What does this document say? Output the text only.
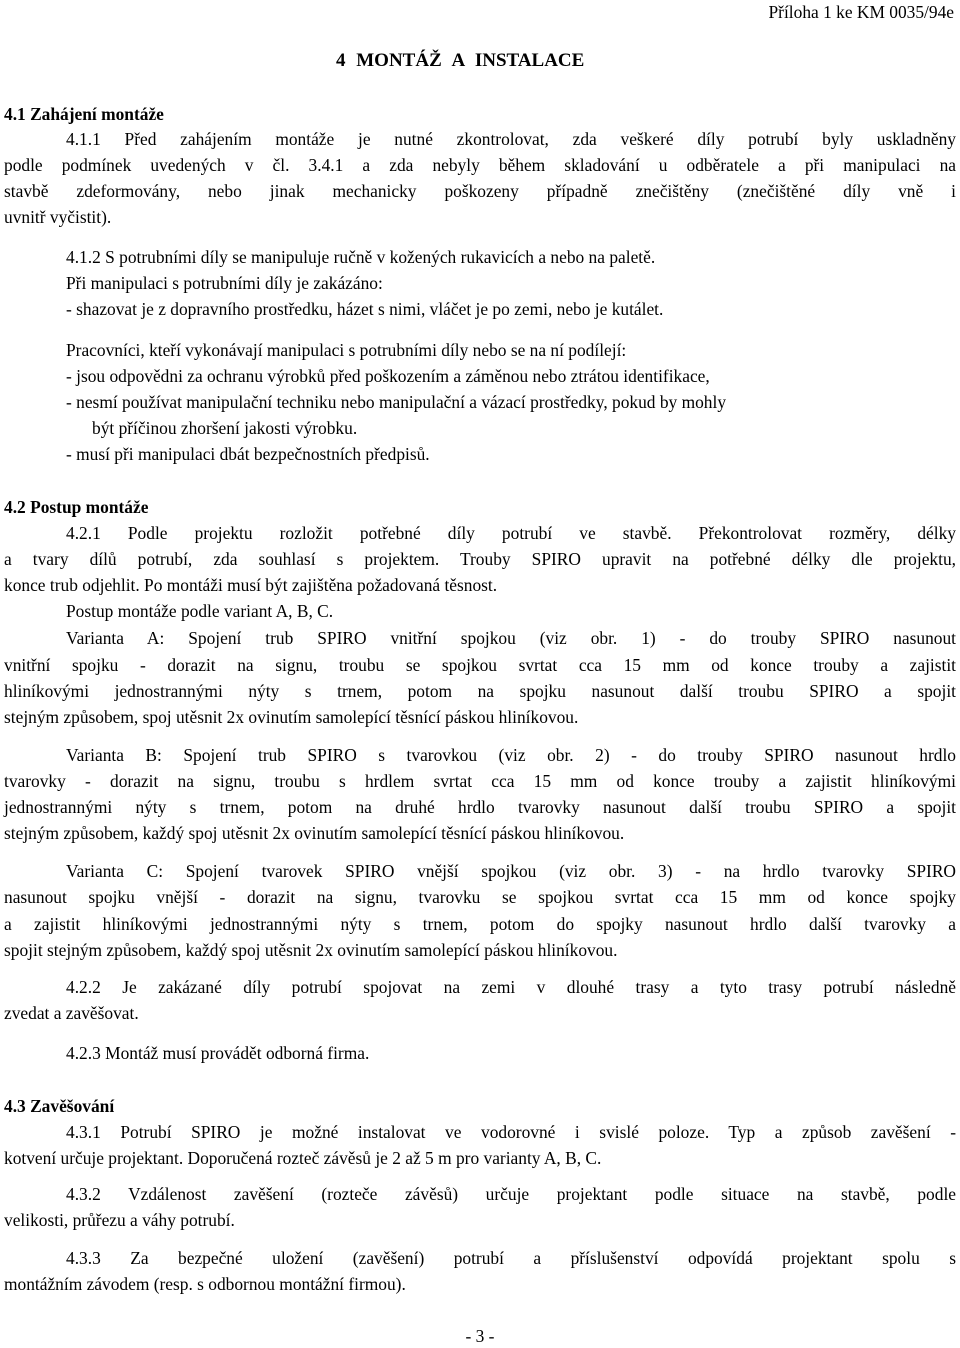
Příloha 1 ke KM 0035/94e
4 MONTÁŽ A INSTALACE
4.1 Zahájení montáže
4.1.1 Před zahájením montáže je nutné zkontrolovat, zda veškeré díly potrubí byly uskladněny
podle podmínek uvedených v čl. 3.4.1 a zda nebyly během skladování u odběratele a při manipulaci na
stavbě zdeformovány, nebo jinak mechanicky poškozeny případně znečištěny (znečištěné díly vně i
uvnitř vyčistit).
4.1.2 S potrubními díly se manipuluje ručně v kožených rukavicích a nebo na paletě.
Při manipulaci s potrubními díly je zakázáno:
- shazovat je z dopravního prostředku, házet s nimi, vláčet je po zemi, nebo je kutálet.
Pracovníci, kteří vykonávají manipulaci s potrubními díly nebo se na ní podílejí:
- jsou odpovědni za ochranu výrobků před poškozením a záměnou nebo ztrátou identifikace,
- nesmí používat manipulační techniku nebo manipulační a vázací prostředky, pokud by mohly
být příčinou zhoršení jakosti výrobku.
- musí při manipulaci dbát bezpečnostních předpisů.
4.2 Postup montáže
4.2.1 Podle projektu rozložit potřebné díly potrubí ve stavbě. Překontrolovat rozměry, délky
a tvary dílů potrubí, zda souhlasí s projektem. Trouby SPIRO upravit na potřebné délky dle projektu,
konce trub odjehlit. Po montáži musí být zajištěna požadovaná těsnost.
Postup montáže podle variant A, B, C.
Varianta A: Spojení trub SPIRO vnitřní spojkou (viz obr. 1) - do trouby SPIRO nasunout
vnitřní spojku - dorazit na signu, troubu se spojkou svrtat cca 15 mm od konce trouby a zajistit
hliníkovými jednostrannými nýty s trnem, potom na spojku nasunout další troubu SPIRO a spojit
stejným způsobem, spoj utěsnit 2x ovinutím samolepící těsnící páskou hliníkovou.
Varianta B: Spojení trub SPIRO s tvarovkou (viz obr. 2) - do trouby SPIRO nasunout hrdlo
tvarovky - dorazit na signu, troubu s hrdlem svrtat cca 15 mm od konce trouby a zajistit hliníkovými
jednostrannými nýty s trnem, potom na druhé hrdlo tvarovky nasunout další troubu SPIRO a spojit
stejným způsobem, každý spoj utěsnit 2x ovinutím samolepící těsnící páskou hliníkovou.
Varianta C: Spojení tvarovek SPIRO vnější spojkou (viz obr. 3) - na hrdlo tvarovky SPIRO
nasunout spojku vnější - dorazit na signu, tvarovku se spojkou svrtat cca 15 mm od konce spojky
a zajistit hliníkovými jednostrannými nýty s trnem, potom do spojky nasunout hrdlo další tvarovky a
spojit stejným způsobem, každý spoj utěsnit 2x ovinutím samolepící páskou hliníkovou.
4.2.2 Je zakázané díly potrubí spojovat na zemi v dlouhé trasy a tyto trasy potrubí následně
zvedat a zavěšovat.
4.2.3 Montáž musí provádět odborná firma.
4.3 Zavěšování
4.3.1 Potrubí SPIRO je možné instalovat ve vodorovné i svislé poloze. Typ a způsob zavěšení -
kotvení určuje projektant. Doporučená rozteč závěsů je 2 až 5 m pro varianty A, B, C.
4.3.2 Vzdálenost zavěšení (rozteče závěsů) určuje projektant podle situace na stavbě, podle
velikosti, průřezu a váhy potrubí.
4.3.3 Za bezpečné uložení (zavěšení) potrubí a příslušenství odpovídá projektant spolu s
montážním závodem (resp. s odbornou montážní firmou).
- 3 -
